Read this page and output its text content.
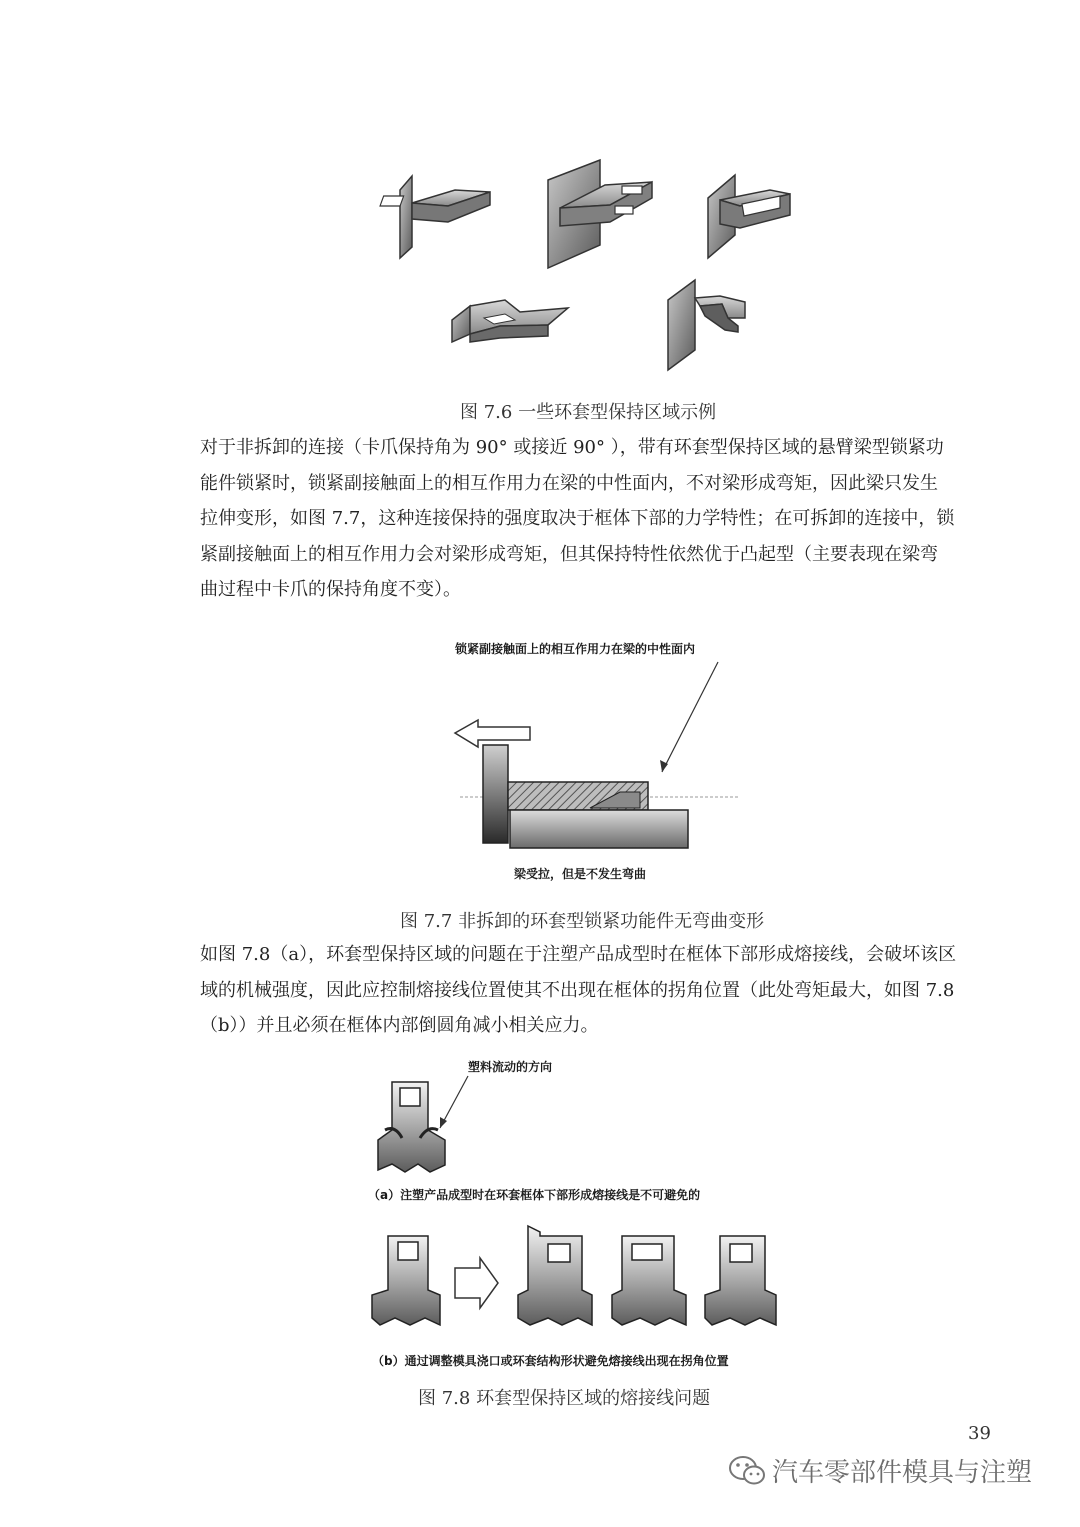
图 7.6 一些环套型保持区域示例
对于非拆卸的连接（卡爪保持角为 90° 或接近 90° ），带有环套型保持区域的悬臂梁型锁紧功
能件锁紧时，锁紧副接触面上的相互作用力在梁的中性面内，不对梁形成弯矩，因此梁只发生
拉伸变形，如图 7.7，这种连接保持的强度取决于框体下部的力学特性；在可拆卸的连接中，锁
紧副接触面上的相互作用力会对梁形成弯矩，但其保持特性依然优于凸起型（主要表现在梁弯
曲过程中卡爪的保持角度不变）。
锁紧副接触面上的相互作用力在梁的中性面内
梁受拉，但是不发生弯曲
图 7.7 非拆卸的环套型锁紧功能件无弯曲变形
如图 7.8（a），环套型保持区域的问题在于注塑产品成型时在框体下部形成熔接线，会破坏该区
域的机械强度，因此应控制熔接线位置使其不出现在框体的拐角位置（此处弯矩最大，如图 7.8
（b））并且必须在框体内部倒圆角减小相关应力。
塑料流动的方向
（a）注塑产品成型时在环套框体下部形成熔接线是不可避免的
（b）通过调整模具浇口或环套结构形状避免熔接线出现在拐角位置
图 7.8 环套型保持区域的熔接线问题
39
汽车零部件模具与注塑
